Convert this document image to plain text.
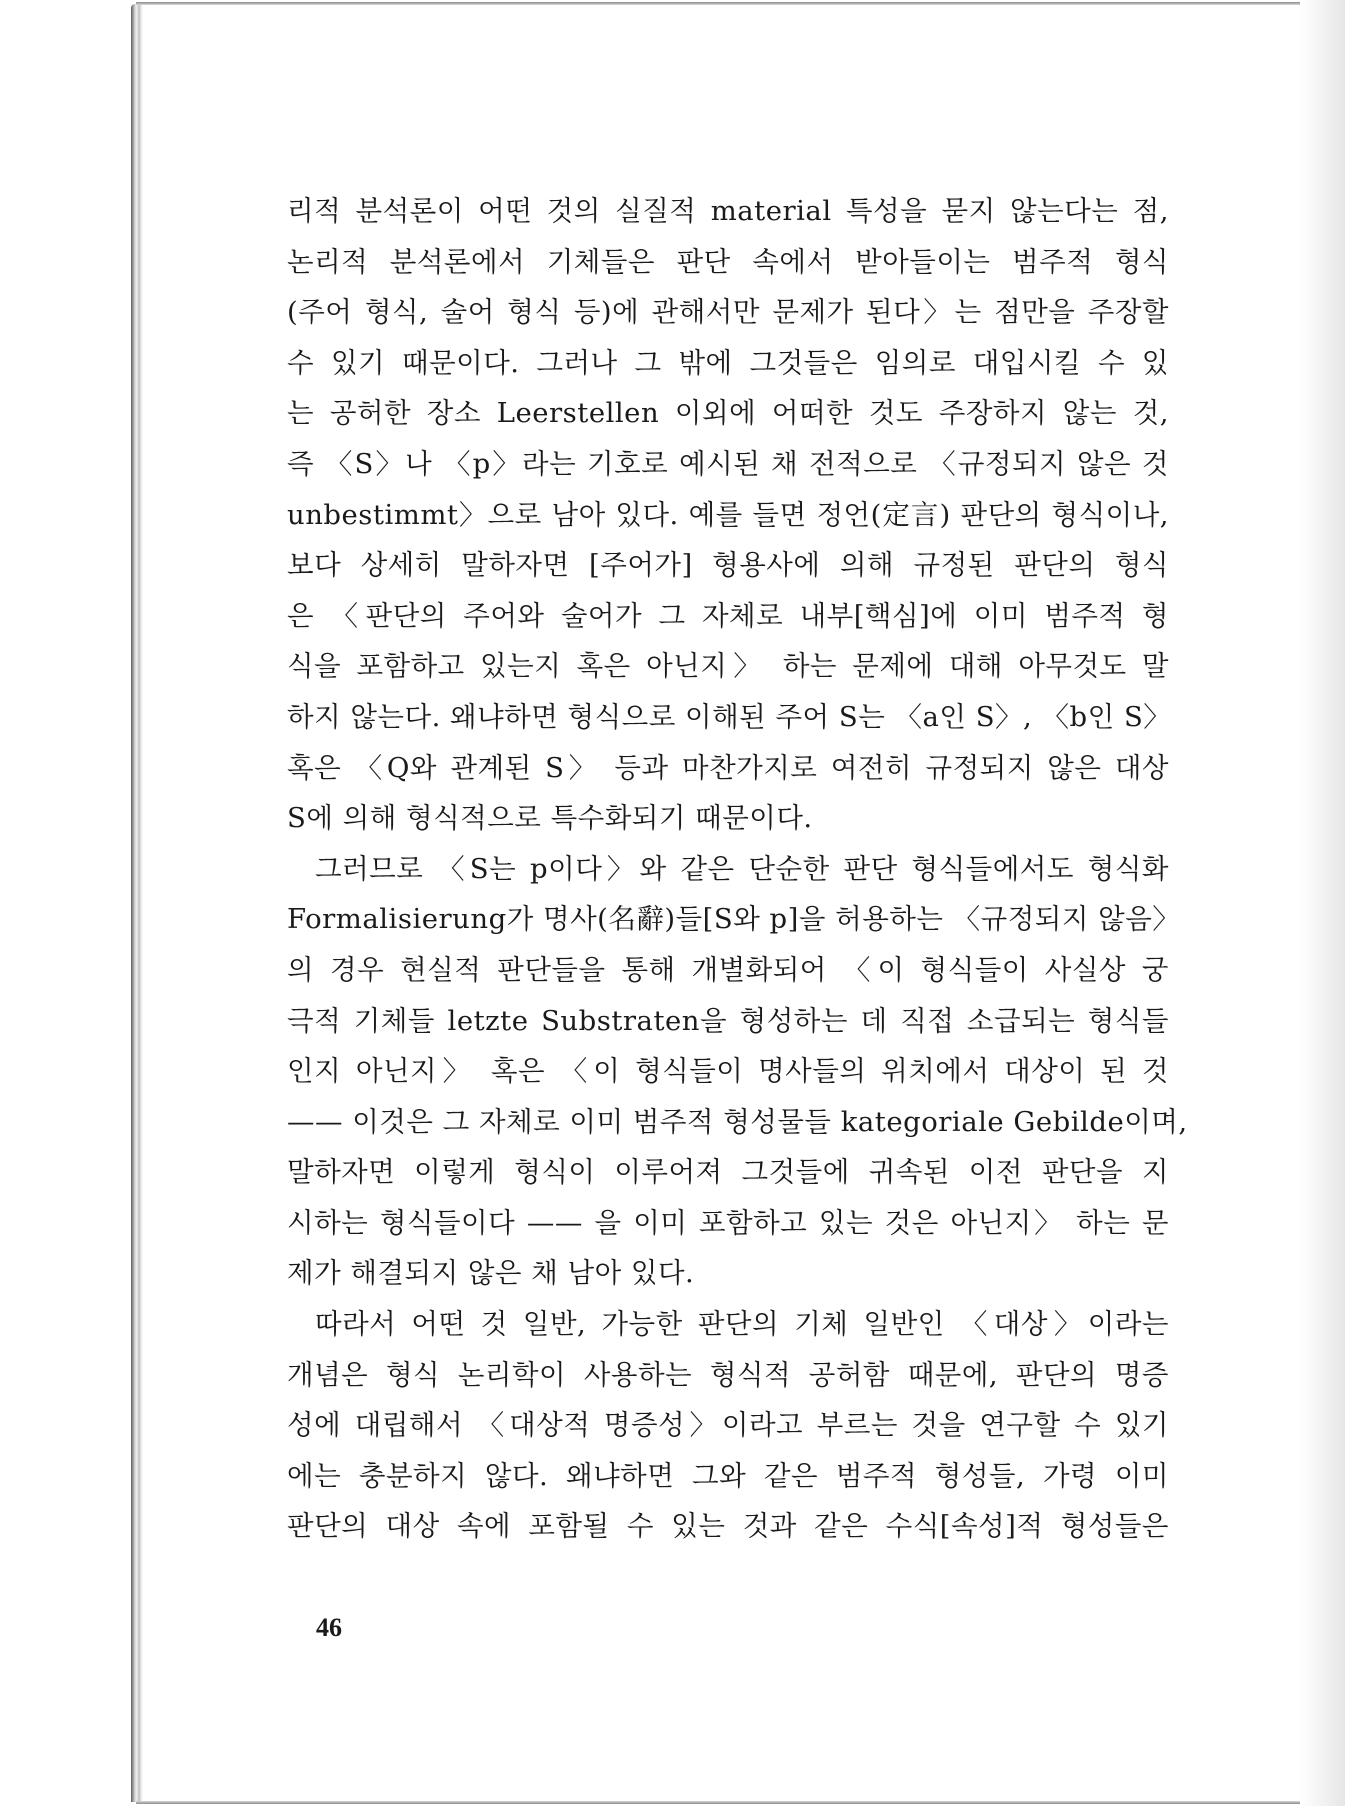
리적 분석론이 어떤 것의 실질적 material 특성을 묻지 않는다는 점,
논리적 분석론에서 기체들은 판단 속에서 받아들이는 범주적 형식
(주어 형식, 술어 형식 등)에 관해서만 문제가 된다〉는 점만을 주장할
수 있기 때문이다. 그러나 그 밖에 그것들은 임의로 대입시킬 수 있
는 공허한 장소 Leerstellen 이외에 어떠한 것도 주장하지 않는 것,
즉 〈S〉나 〈p〉라는 기호로 예시된 채 전적으로 〈규정되지 않은 것
unbestimmt〉으로 남아 있다. 예를 들면 정언(定言) 판단의 형식이나,
보다 상세히 말하자면 [주어가] 형용사에 의해 규정된 판단의 형식
은 〈판단의 주어와 술어가 그 자체로 내부[핵심]에 이미 범주적 형
식을 포함하고 있는지 혹은 아닌지〉 하는 문제에 대해 아무것도 말
하지 않는다. 왜냐하면 형식으로 이해된 주어 S는 〈a인 S〉, 〈b인 S〉
혹은 〈Q와 관계된 S〉 등과 마찬가지로 여전히 규정되지 않은 대상
S에 의해 형식적으로 특수화되기 때문이다.
그러므로 〈S는 p이다〉와 같은 단순한 판단 형식들에서도 형식화
Formalisierung가 명사(名辭)들[S와 p]을 허용하는 〈규정되지 않음〉
의 경우 현실적 판단들을 통해 개별화되어 〈이 형식들이 사실상 궁
극적 기체들 letzte Substraten을 형성하는 데 직접 소급되는 형식들
인지 아닌지〉 혹은 〈이 형식들이 명사들의 위치에서 대상이 된 것
—— 이것은 그 자체로 이미 범주적 형성물들 kategoriale Gebilde이며,
말하자면 이렇게 형식이 이루어져 그것들에 귀속된 이전 판단을 지
시하는 형식들이다 —— 을 이미 포함하고 있는 것은 아닌지〉 하는 문
제가 해결되지 않은 채 남아 있다.
따라서 어떤 것 일반, 가능한 판단의 기체 일반인 〈대상〉이라는
개념은 형식 논리학이 사용하는 형식적 공허함 때문에, 판단의 명증
성에 대립해서 〈대상적 명증성〉이라고 부르는 것을 연구할 수 있기
에는 충분하지 않다. 왜냐하면 그와 같은 범주적 형성들, 가령 이미
판단의 대상 속에 포함될 수 있는 것과 같은 수식[속성]적 형성들은
46
